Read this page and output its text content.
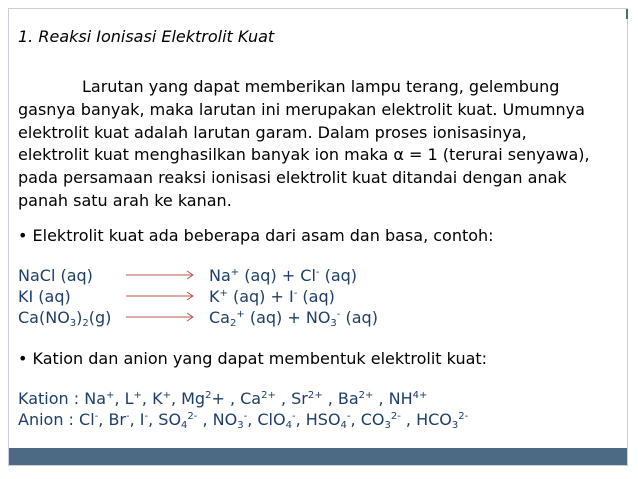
1. Reaksi Ionisasi Elektrolit Kuat
Larutan yang dapat memberikan lampu terang, gelembung
gasnya banyak, maka larutan ini merupakan elektrolit kuat. Umumnya
elektrolit kuat adalah larutan garam. Dalam proses ionisasinya,
elektrolit kuat menghasilkan banyak ion maka α = 1 (terurai senyawa),
pada persamaan reaksi ionisasi elektrolit kuat ditandai dengan anak
panah satu arah ke kanan.
• Elektrolit kuat ada beberapa dari asam dan basa, contoh:
NaCl (aq)	Na+ (aq) + Cl- (aq)
KI (aq)	K+ (aq) + I- (aq)
$Ca(NO_3)_2(g)$	$Ca_2^+$ $(aq) + NO_3^-$ (aq)
• Kation dan anion yang dapat membentuk elektrolit kuat:
Kation : Na+, L+, K+, $Mg^2+$ , $Ca^{2+}$ , $Sr^{2+}$ , $Ba^{2+}$ , $NH^{4+}$
Anion : Cl-, Br-, I-, $SO_4^{2-}$ , $NO_3^-$, ClO$_4$-, $HSO_4^-$, $CO_3^{2-}$ , $HCO_3^{2-}$
